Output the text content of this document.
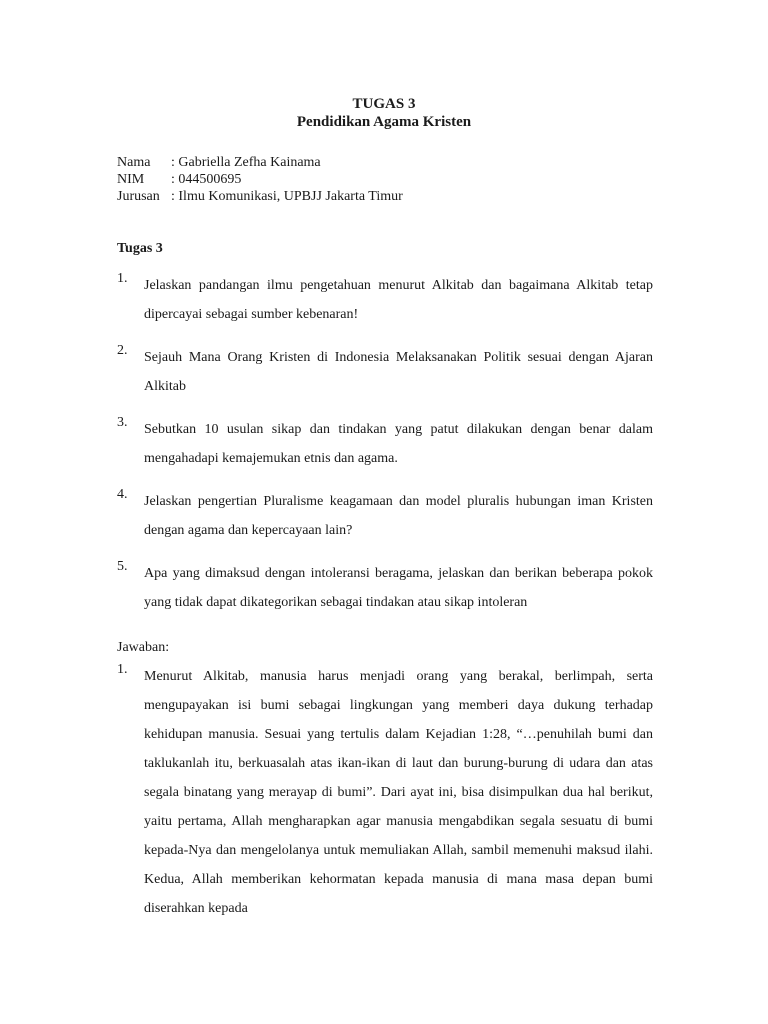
TUGAS 3
Pendidikan Agama Kristen
Nama	: Gabriella Zefha Kainama
NIM	: 044500695
Jurusan : Ilmu Komunikasi, UPBJJ Jakarta Timur
Tugas 3
1.	Jelaskan pandangan ilmu pengetahuan menurut Alkitab dan bagaimana Alkitab tetap dipercayai sebagai sumber kebenaran!
2.	Sejauh Mana Orang Kristen di Indonesia Melaksanakan Politik sesuai dengan Ajaran Alkitab
3.	Sebutkan 10 usulan sikap dan tindakan yang patut dilakukan dengan benar dalam mengahadapi kemajemukan etnis dan agama.
4.	Jelaskan pengertian Pluralisme keagamaan dan model pluralis hubungan iman Kristen dengan agama dan kepercayaan lain?
5.	Apa yang dimaksud dengan intoleransi beragama, jelaskan dan berikan beberapa pokok yang tidak dapat dikategorikan sebagai tindakan atau sikap intoleran
Jawaban:
1.	Menurut Alkitab, manusia harus menjadi orang yang berakal, berlimpah, serta mengupayakan isi bumi sebagai lingkungan yang memberi daya dukung terhadap kehidupan manusia. Sesuai yang tertulis dalam Kejadian 1:28, “…penuhilah bumi dan taklukanlah itu, berkuasalah atas ikan-ikan di laut dan burung-burung di udara dan atas segala binatang yang merayap di bumi”. Dari ayat ini, bisa disimpulkan dua hal berikut, yaitu pertama, Allah mengharapkan agar manusia mengabdikan segala sesuatu di bumi kepada-Nya dan mengelolanya untuk memuliakan Allah, sambil memenuhi maksud ilahi. Kedua, Allah memberikan kehormatan kepada manusia di mana masa depan bumi diserahkan kepada
